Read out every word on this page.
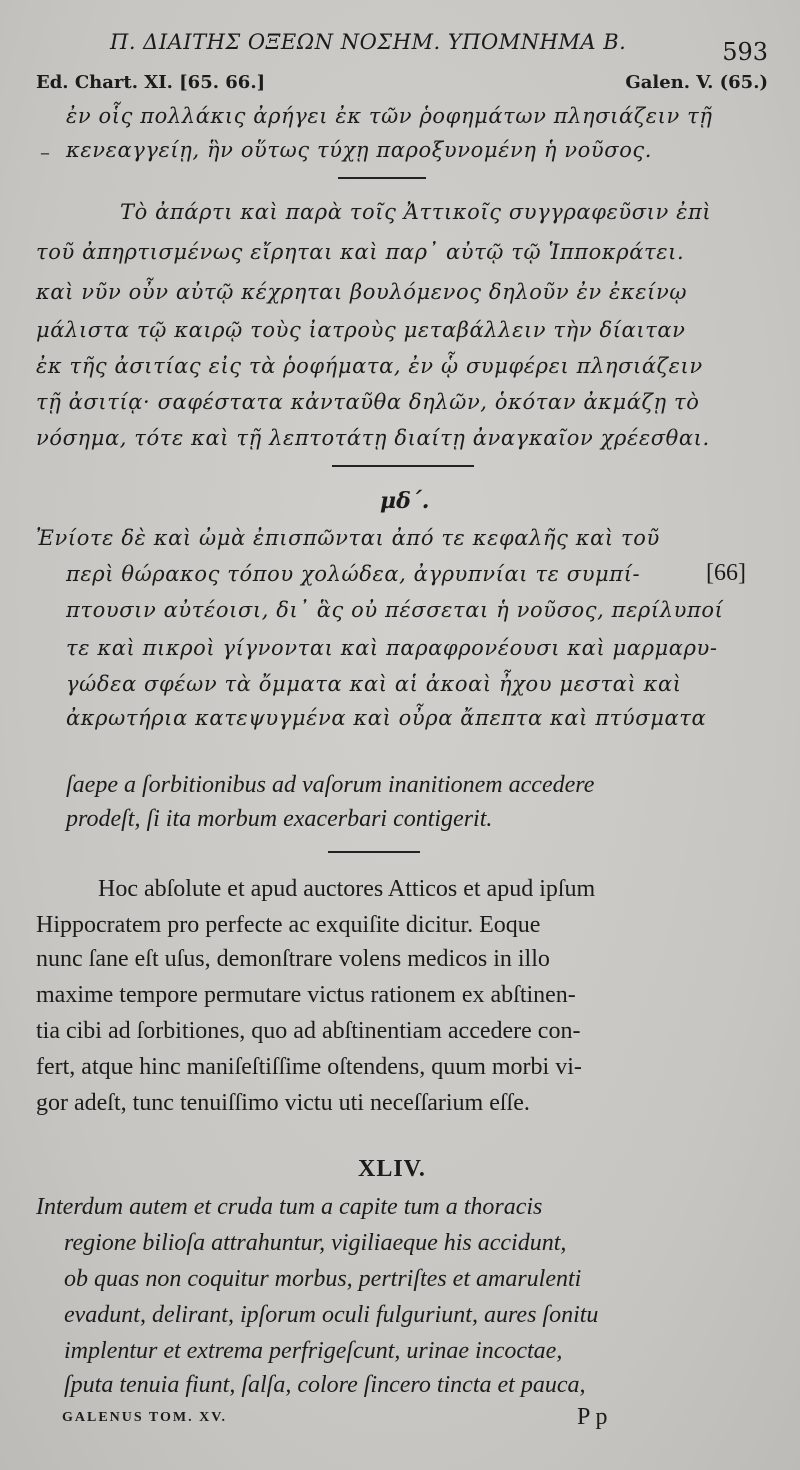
Π. ΔΙΑΙΤΗΣ ΟΞΕΩΝ ΝΟΣΗΜ. ΥΠΟΜΝΗΜΑ Β.	593
Ed. Chart. XI. [65. 66.]	Galen. V. (65.)
ἐν οἷς πολλάκις ἀρήγει ἐκ τῶν ῥοφημάτων πλησιάζειν τῇ
κενεαγγείῃ, ἣν οὕτως τύχῃ παροξυνομένη ἡ νοῦσος.
–
Τὸ ἀπάρτι καὶ παρὰ τοῖς Ἀττικοῖς συγγραφεῦσιν ἐπὶ
τοῦ ἀπηρτισμένως εἴρηται καὶ παρ᾽ αὐτῷ τῷ Ἱπποκράτει.
καὶ νῦν οὖν αὐτῷ κέχρηται βουλόμενος δηλοῦν ἐν ἐκείνῳ
μάλιστα τῷ καιρῷ τοὺς ἰατροὺς μεταβάλλειν τὴν δίαιταν
ἐκ τῆς ἀσιτίας εἰς τὰ ῥοφήματα, ἐν ᾧ συμφέρει πλησιάζειν
τῇ ἀσιτίᾳ· σαφέστατα κἀνταῦθα δηλῶν, ὁκόταν ἀκμάζῃ τὸ
νόσημα, τότε καὶ τῇ λεπτοτάτῃ διαίτῃ ἀναγκαῖον χρέεσθαι.
μδ΄.
Ἐνίοτε δὲ καὶ ὠμὰ ἐπισπῶνται ἀπό τε κεφαλῆς καὶ τοῦ
περὶ θώρακος τόπου χολώδεα, ἀγρυπνίαι τε συμπί-	[66]
πτουσιν αὐτέοισι, δι᾽ ἃς οὐ πέσσεται ἡ νοῦσος, περίλυποί
τε καὶ πικροὶ γίγνονται καὶ παραφρονέουσι καὶ μαρμαρυ-
γώδεα σφέων τὰ ὄμματα καὶ αἱ ἀκοαὶ ἦχου μεσταὶ καὶ
ἀκρωτήρια κατεψυγμένα καὶ οὖρα ἄπεπτα καὶ πτύσματα
ſaepe a ſorbitionibus ad vaſorum inanitionem accedere
prodeſt, ſi ita morbum exacerbari contigerit.
Hoc abſolute et apud auctores Atticos et apud ipſum
Hippocratem pro perfecte ac exquiſite dicitur. Eoque
nunc ſane eſt uſus, demonſtrare volens medicos in illo
maxime tempore permutare victus rationem ex abſtinen-
tia cibi ad ſorbitiones, quo ad abſtinentiam accedere con-
fert, atque hinc maniſeſtiſſime oſtendens, quum morbi vi-
gor adeſt, tunc tenuiſſimo victu uti neceſſarium eſſe.
XLIV.
Interdum autem et cruda tum a capite tum a thoracis
regione bilioſa attrahuntur, vigiliaeque his accidunt,
ob quas non coquitur morbus, pertriſtes et amarulenti
evadunt, delirant, ipſorum oculi fulguriunt, aures ſonitu
implentur et extrema perfrigeſcunt, urinae incoctae,
ſputa tenuia fiunt, ſalſa, colore ſincero tincta et pauca,
GALENUS TOM. XV.	P p
